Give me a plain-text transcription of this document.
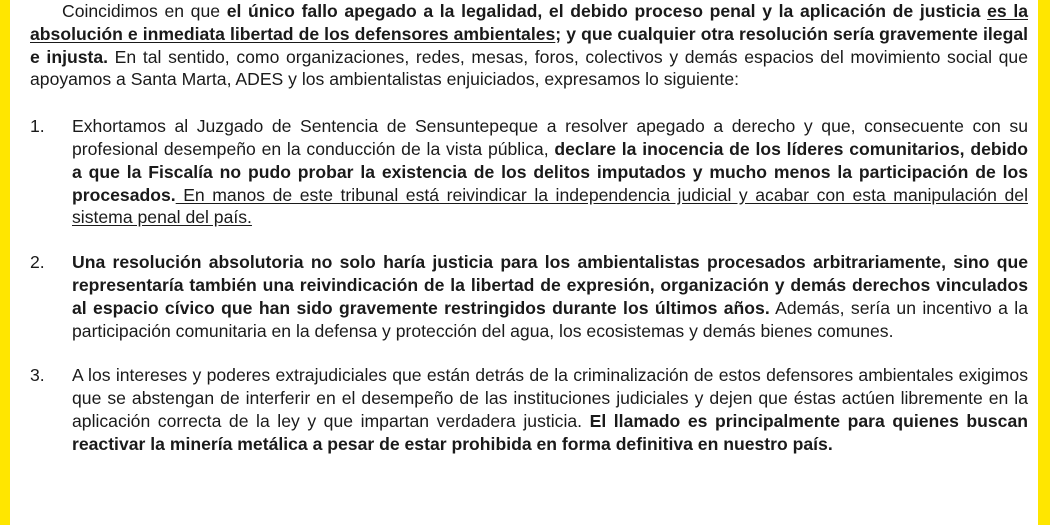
Coincidimos en que el único fallo apegado a la legalidad, el debido proceso penal y la aplicación de justicia es la absolución e inmediata libertad de los defensores ambientales; y que cualquier otra resolución sería gravemente ilegal e injusta. En tal sentido, como organizaciones, redes, mesas, foros, colectivos y demás espacios del movimiento social que apoyamos a Santa Marta, ADES y los ambientalistas enjuiciados, expresamos lo siguiente:

1. Exhortamos al Juzgado de Sentencia de Sensuntepeque a resolver apegado a derecho y que, consecuente con su profesional desempeño en la conducción de la vista pública, declare la inocencia de los líderes comunitarios, debido a que la Fiscalía no pudo probar la existencia de los delitos imputados y mucho menos la participación de los procesados. En manos de este tribunal está reivindicar la independencia judicial y acabar con esta manipulación del sistema penal del país.

2. Una resolución absolutoria no solo haría justicia para los ambientalistas procesados arbitrariamente, sino que representaría también una reivindicación de la libertad de expresión, organización y demás derechos vinculados al espacio cívico que han sido gravemente restringidos durante los últimos años. Además, sería un incentivo a la participación comunitaria en la defensa y protección del agua, los ecosistemas y demás bienes comunes.

3. A los intereses y poderes extrajudiciales que están detrás de la criminalización de estos defensores ambientales exigimos que se abstengan de interferir en el desempeño de las instituciones judiciales y dejen que éstas actúen libremente en la aplicación correcta de la ley y que impartan verdadera justicia. El llamado es principalmente para quienes buscan reactivar la minería metálica a pesar de estar prohibida en forma definitiva en nuestro país.
